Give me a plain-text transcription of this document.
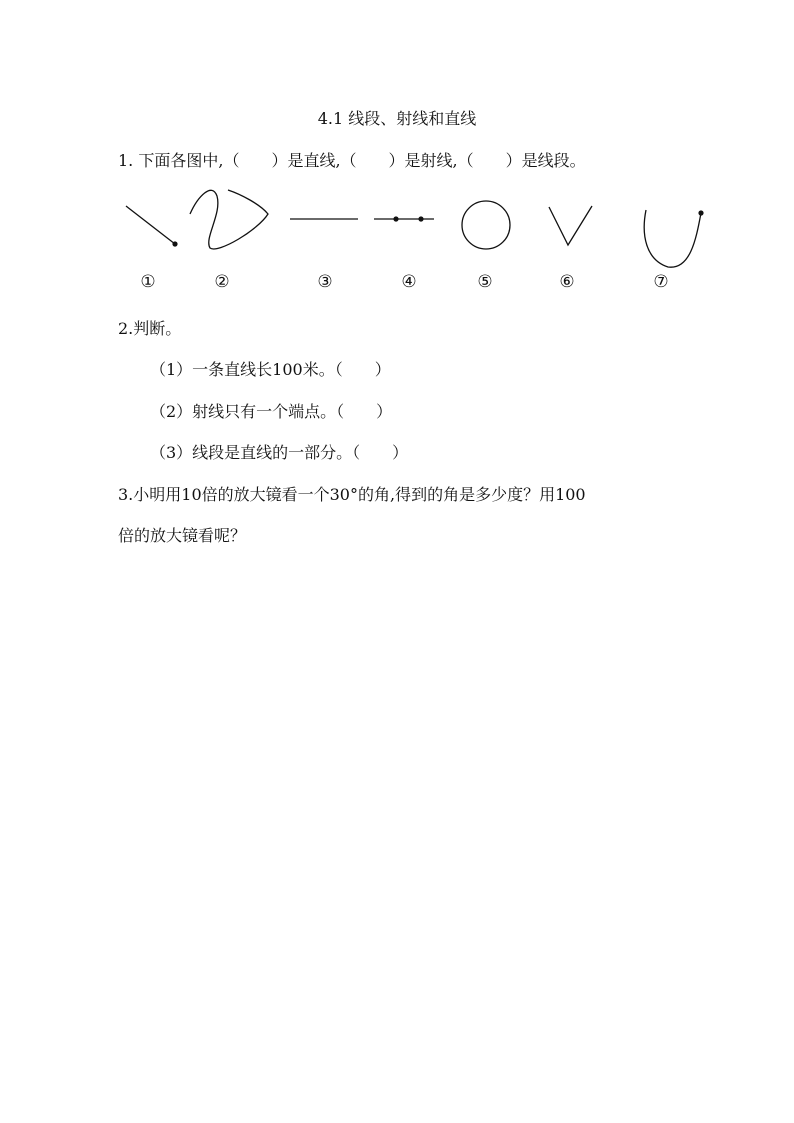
4.1 线段、射线和直线
1. 下面各图中,（　　）是直线,（　　）是射线,（　　）是线段。
①	②	③	④	⑤	⑥	⑦
2.判断。
（1）一条直线长100米。（　　）
（2）射线只有一个端点。（　　）
（3）线段是直线的一部分。（　　）
3.小明用10倍的放大镜看一个30°的角,得到的角是多少度？用100
倍的放大镜看呢？
